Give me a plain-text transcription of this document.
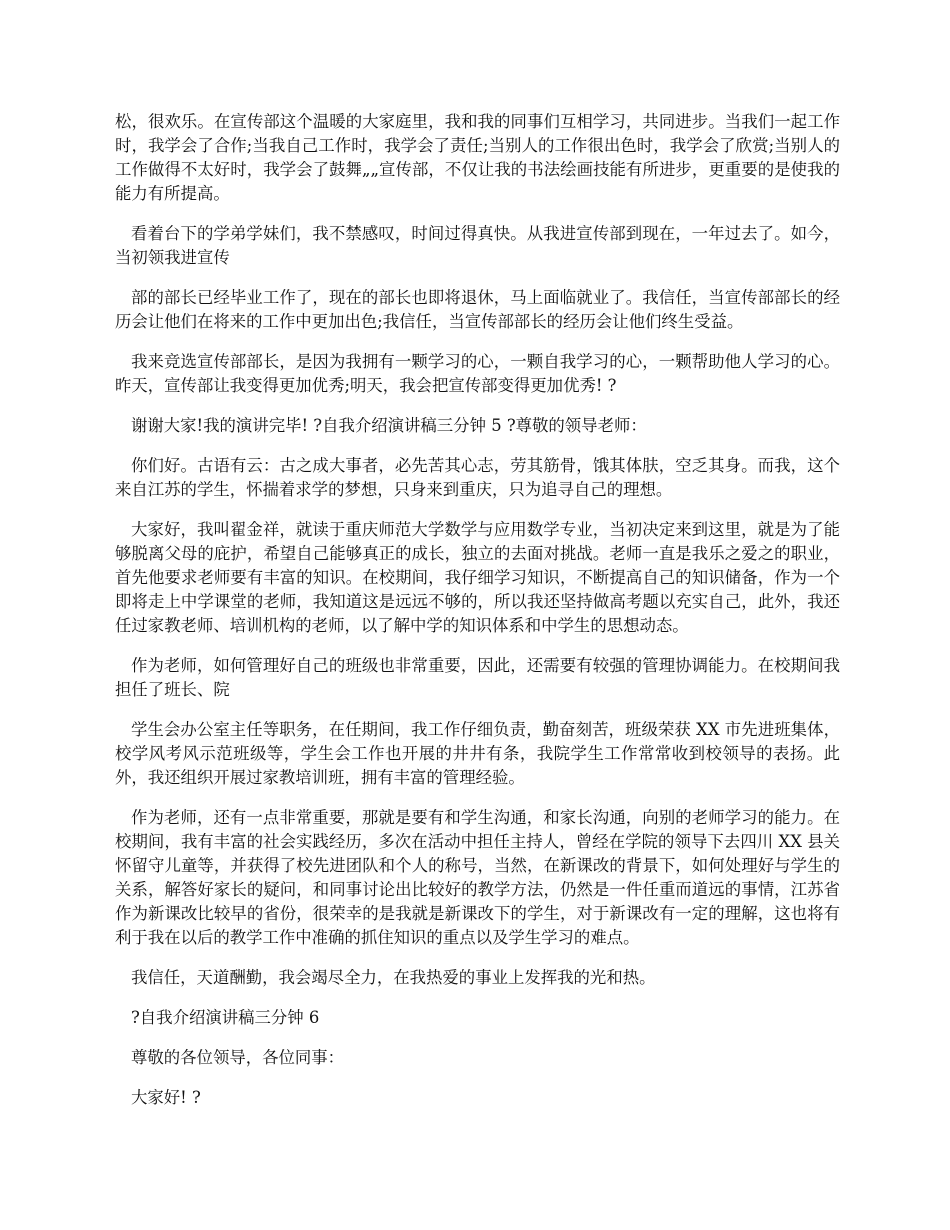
松，很欢乐。在宣传部这个温暖的大家庭里，我和我的同事们互相学习，共同进步。当我们一起工作时，我学会了合作;当我自己工作时，我学会了责任;当别人的工作很出色时，我学会了欣赏;当别人的工作做得不太好时，我学会了鼓舞„„宣传部，不仅让我的书法绘画技能有所进步，更重要的是使我的能力有所提高。

看着台下的学弟学妹们，我不禁感叹，时间过得真快。从我进宣传部到现在，一年过去了。如今，当初领我进宣传

部的部长已经毕业工作了，现在的部长也即将退休，马上面临就业了。我信任，当宣传部部长的经历会让他们在将来的工作中更加出色;我信任，当宣传部部长的经历会让他们终生受益。

我来竞选宣传部部长，是因为我拥有一颗学习的心，一颗自我学习的心，一颗帮助他人学习的心。昨天，宣传部让我变得更加优秀;明天，我会把宣传部变得更加优秀! ?

谢谢大家!我的演讲完毕! ?自我介绍演讲稿三分钟 5 ?尊敬的领导老师：

你们好。古语有云：古之成大事者，必先苦其心志，劳其筋骨，饿其体肤，空乏其身。而我，这个来自江苏的学生，怀揣着求学的梦想，只身来到重庆，只为追寻自己的理想。

大家好，我叫翟金祥，就读于重庆师范大学数学与应用数学专业，当初决定来到这里，就是为了能够脱离父母的庇护，希望自己能够真正的成长，独立的去面对挑战。老师一直是我乐之爱之的职业，首先他要求老师要有丰富的知识。在校期间，我仔细学习知识，不断提高自己的知识储备，作为一个即将走上中学课堂的老师，我知道这是远远不够的，所以我还坚持做高考题以充实自己，此外，我还任过家教老师、培训机构的老师，以了解中学的知识体系和中学生的思想动态。

作为老师，如何管理好自己的班级也非常重要，因此，还需要有较强的管理协调能力。在校期间我担任了班长、院

学生会办公室主任等职务，在任期间，我工作仔细负责，勤奋刻苦，班级荣获 XX 市先进班集体，校学风考风示范班级等，学生会工作也开展的井井有条，我院学生工作常常收到校领导的表扬。此外，我还组织开展过家教培训班，拥有丰富的管理经验。

作为老师，还有一点非常重要，那就是要有和学生沟通，和家长沟通，向别的老师学习的能力。在校期间，我有丰富的社会实践经历，多次在活动中担任主持人，曾经在学院的领导下去四川 XX 县关怀留守儿童等，并获得了校先进团队和个人的称号，当然，在新课改的背景下，如何处理好与学生的关系，解答好家长的疑问，和同事讨论出比较好的教学方法，仍然是一件任重而道远的事情，江苏省作为新课改比较早的省份，很荣幸的是我就是新课改下的学生，对于新课改有一定的理解，这也将有利于我在以后的教学工作中准确的抓住知识的重点以及学生学习的难点。

我信任，天道酬勤，我会竭尽全力，在我热爱的事业上发挥我的光和热。

?自我介绍演讲稿三分钟 6

尊敬的各位领导，各位同事：

大家好! ?
